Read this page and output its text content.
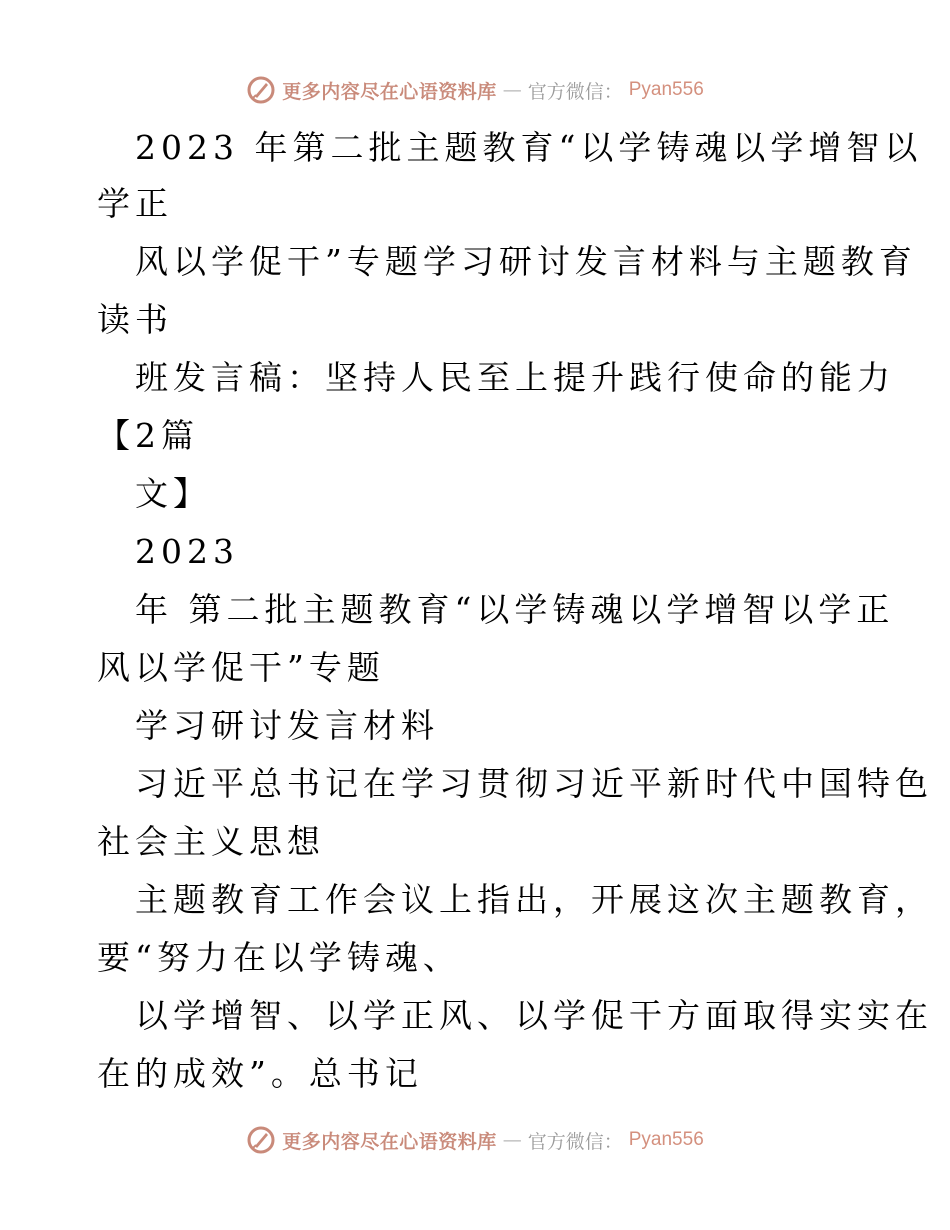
更多内容尽在心语资料库 — 官方微信： Pyan556
2023 年第二批主题教育“以学铸魂以学增智以
学正
风以学促干”专题学习研讨发言材料与主题教育
读书
班发言稿：坚持人民至上提升践行使命的能力
【2篇
文】
2023
年 第二批主题教育“以学铸魂以学增智以学正
风以学促干”专题
学习研讨发言材料
习近平总书记在学习贯彻习近平新时代中国特色
社会主义思想
主题教育工作会议上指出，开展这次主题教育，
要“努力在以学铸魂、
以学增智、以学正风、以学促干方面取得实实在
在的成效”。总书记
更多内容尽在心语资料库 — 官方微信： Pyan556
